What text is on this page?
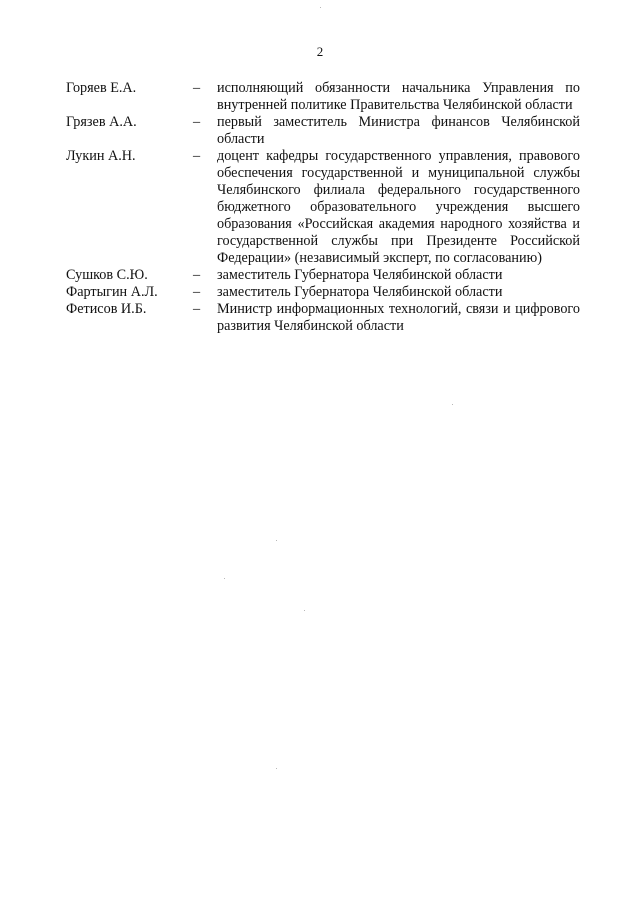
2
Горяев Е.А.	–	исполняющий обязанности начальника Управления по внутренней политике Правительства Челябинской области
Грязев А.А.	–	первый заместитель Министра финансов Челябинской области
Лукин А.Н.	–	доцент кафедры государственного управления, правового обеспечения государственной и муниципальной службы Челябинского филиала федерального государственного бюджетного образовательного учреждения высшего образования «Российская академия народного хозяйства и государственной службы при Президенте Российской Федерации» (независимый эксперт, по согласованию)
Сушков С.Ю.	–	заместитель Губернатора Челябинской области
Фартыгин А.Л.	–	заместитель Губернатора Челябинской области
Фетисов И.Б.	–	Министр информационных технологий, связи и цифрового развития Челябинской области
